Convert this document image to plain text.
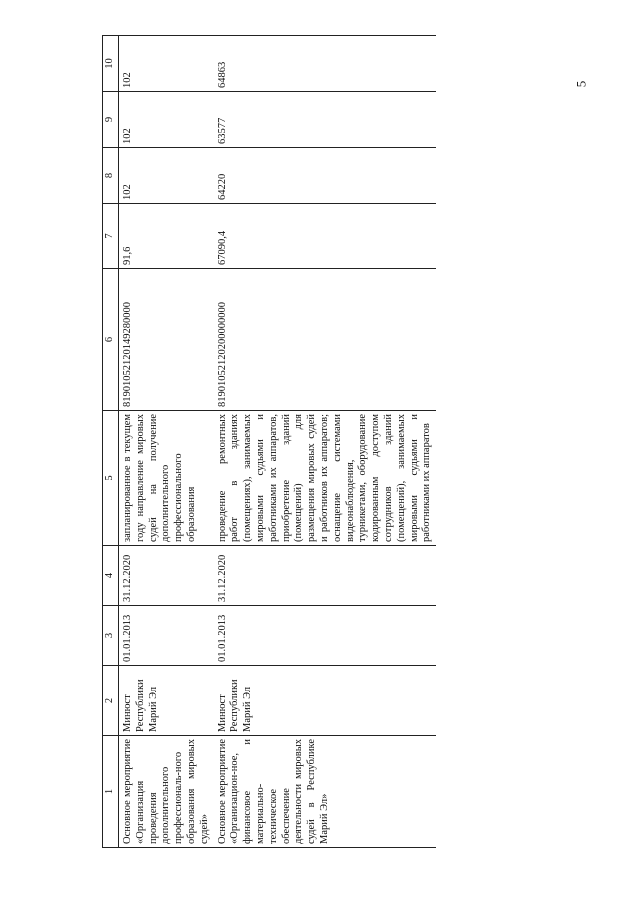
5
1	2	3	4	5	6	7	8	9	10
Основное мероприятие «Организация проведения дополнительного профессиональ-ного образования мировых судей»	Минюст Республики Марий Эл	01.01.2013	31.12.2020	запланированное в текущем году направление мировых судей на получение дополнительного профессионального образования	81901052120149280000	91,6	102	102	102
Основное мероприятие «Организацион-ное, финансовое и материально-техническое обеспечение деятельности мировых судей в Республике Марий Эл»	Минюст Республики Марий Эл	01.01.2013	31.12.2020	проведение ремонтных работ в зданиях (помещениях), занимаемых мировыми судьями и работниками их аппаратов, приобретение зданий (помещений) для размещения мировых судей и работников их аппаратов; оснащение системами видеонаблюдения, турникетами, оборудование кодированным доступом сотрудников зданий (помещений), занимаемых мировыми судьями и работниками их аппаратов	81901052120200000000	67090,4	64220	63577	64863
